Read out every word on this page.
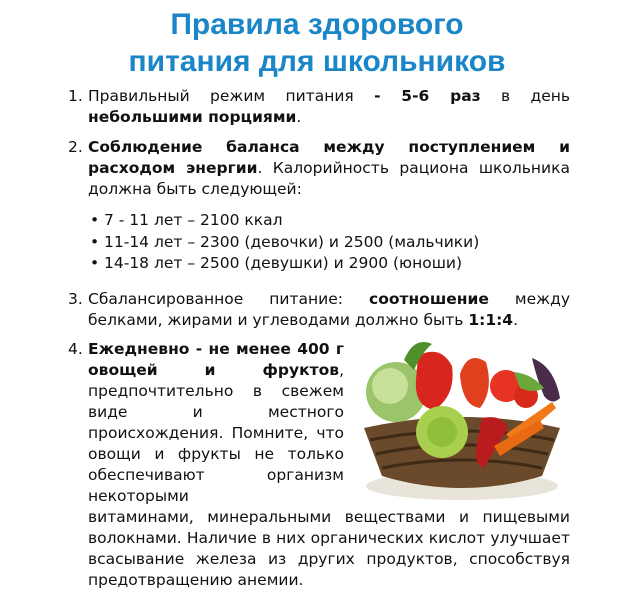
Правила здорового
питания для школьников
1. Правильный режим питания - 5-6 раз в день небольшими порциями.
2. Соблюдение баланса между поступлением и расходом энергии. Калорийность рациона школьника должна быть следующей:
• 7 - 11 лет – 2100 ккал
• 11-14 лет – 2300 (девочки) и 2500 (мальчики)
• 14-18 лет – 2500 (девушки) и 2900 (юноши)
3. Сбалансированное питание: соотношение между белками, жирами и углеводами должно быть 1:1:4.
4. Ежедневно - не менее 400 г овощей и фруктов, предпочтительно в свежем виде и местного происхождения. Помните, что овощи и фрукты не только обеспечивают организм некоторыми
витаминами, минеральными веществами и пищевыми волокнами. Наличие в них органических кислот улучшает всасывание железа из других продуктов, способствуя предотвращению анемии.
